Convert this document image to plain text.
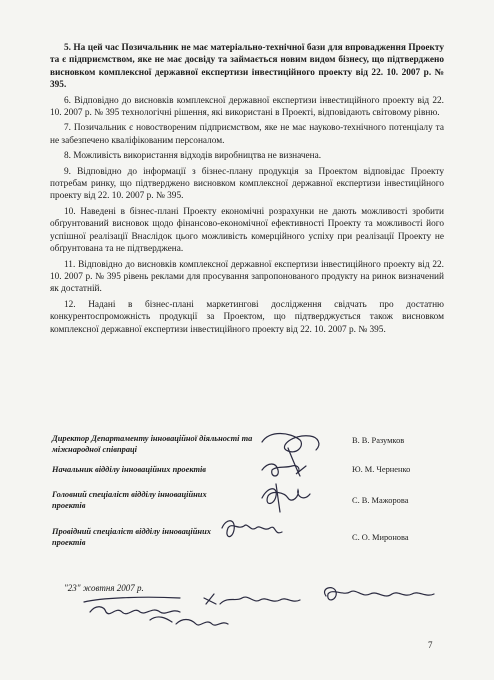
5. На цей час Позичальник не має матеріально-технічної бази для впровадження Проекту та є підприємством, яке не має досвіду та займається новим видом бізнесу, що підтверджено висновком комплексної державної експертизи інвестиційного проекту від 22. 10. 2007 р. № 395.

6. Відповідно до висновків комплексної державної експертизи інвестиційного проекту від 22. 10. 2007 р. № 395 технологічні рішення, які використані в Проекті, відповідають світовому рівню.

7. Позичальник є новоствореним підприємством, яке не має науково-технічного потенціалу та не забезпечено кваліфікованим персоналом.

8. Можливість використання відходів виробництва не визначена.

9. Відповідно до інформації з бізнес-плану продукція за Проектом відповідає Проекту потребам ринку, що підтверджено висновком комплексної державної експертизи інвестиційного проекту від 22. 10. 2007 р. № 395.

10. Наведені в бізнес-плані Проекту економічні розрахунки не дають можливості зробити обґрунтований висновок щодо фінансово-економічної ефективності Проекту та можливості його успішної реалізації Внаслідок цього можливість комерційного успіху при реалізації Проекту не обґрунтована та не підтверджена.

11. Відповідно до висновків комплексної державної експертизи інвестиційного проекту від 22. 10. 2007 р. № 395 рівень реклами для просування запропонованого продукту на ринок визначений як достатній.

12. Надані в бізнес-плані маркетингові дослідження свідчать про достатню конкурентоспроможність продукції за Проектом, що підтверджується також висновком комплексної державної експертизи інвестиційного проекту від 22. 10. 2007 р. № 395.

Директор Департаменту інноваційної діяльності та міжнародної співпраці
В. В. Разумков
Начальник відділу інноваційних проектів	Ю. М. Черненко
Головний спеціаліст відділу інноваційних проектів
С. В. Мажорова
Провідний спеціаліст відділу інноваційних проектів
С. О. Миронова
"23" жовтня 2007 р.
7
